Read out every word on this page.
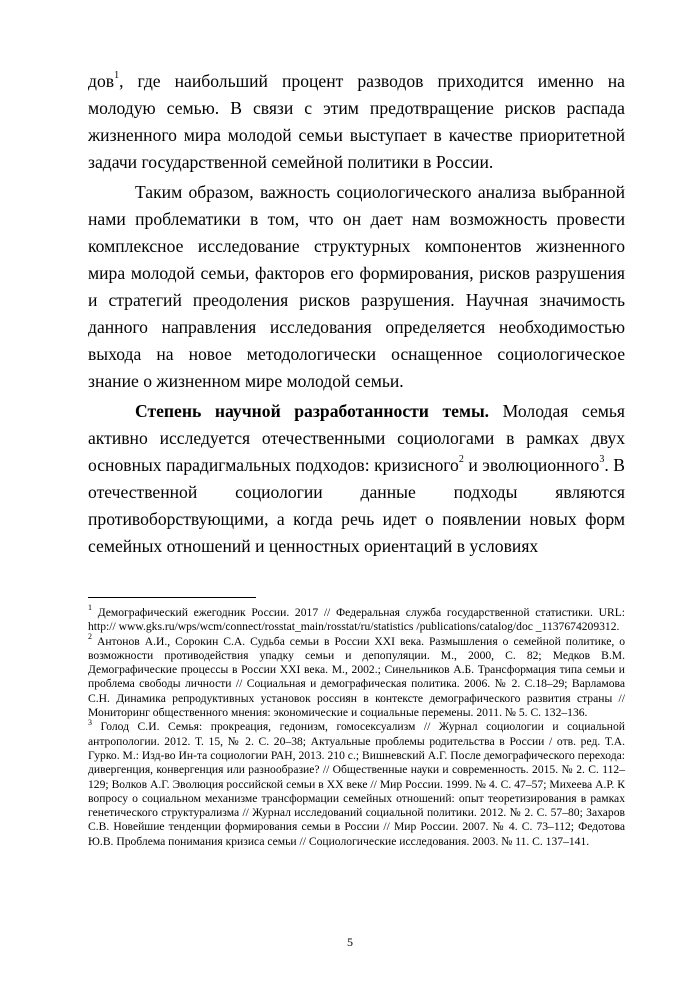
дов$^1$, где наибольший процент разводов приходится именно на молодую семью. В связи с этим предотвращение рисков распада жизненного мира молодой семьи выступает в качестве приоритетной задачи государственной семейной политики в России.

Таким образом, важность социологического анализа выбранной нами проблематики в том, что он дает нам возможность провести комплексное исследование структурных компонентов жизненного мира молодой семьи, факторов его формирования, рисков разрушения и стратегий преодоления рисков разрушения. Научная значимость данного направления исследования определяется необходимостью выхода на новое методологически оснащенное социологическое знание о жизненном мире молодой семьи.

Степень научной разработанности темы. Молодая семья активно исследуется отечественными социологами в рамках двух основных парадигмальных подходов: кризисного$^2$ и эволюционного$^3$. В отечественной социологии данные подходы являются противоборствующими, а когда речь идет о появлении новых форм семейных отношений и ценностных ориентаций в условиях

$^1$ Демографический ежегодник России. 2017 // Федеральная служба государственной статистики. URL: http:// www.gks.ru/wps/wcm/connect/rosstat_main/rosstat/ru/statistics /publications/catalog/doc _1137674209312.

$^2$ Антонов А.И., Сорокин С.А. Судьба семьи в России XXI века. Размышления о семейной политике, о возможности противодействия упадку семьи и депопуляции. М., 2000, С. 82; Медков В.М. Демографические процессы в России XXI века. М., 2002.; Синельников А.Б. Трансформация типа семьи и проблема свободы личности // Социальная и демографическая политика. 2006. № 2. С.18–29; Варламова С.Н. Динамика репродуктивных установок россиян в контексте демографического развития страны // Мониторинг общественного мнения: экономические и социальные перемены. 2011. № 5. С. 132–136.

$^3$ Голод С.И. Семья: прокреация, гедонизм, гомосексуализм // Журнал социологии и социальной антропологии. 2012. Т. 15, № 2. С. 20–38; Актуальные проблемы родительства в России / отв. ред. Т.А. Гурко. М.: Изд-во Ин-та социологии РАН, 2013. 210 с.; Вишневский А.Г. После демографического перехода: дивергенция, конвергенция или разнообразие? // Общественные науки и современность. 2015. № 2. С. 112–129; Волков А.Г. Эволюция российской семьи в XX веке // Мир России. 1999. № 4. С. 47–57; Михеева А.Р. К вопросу о социальном механизме трансформации семейных отношений: опыт теоретизирования в рамках генетического структурализма // Журнал исследований социальной политики. 2012. № 2. С. 57–80; Захаров С.В. Новейшие тенденции формирования семьи в России // Мир России. 2007. № 4. С. 73–112; Федотова Ю.В. Проблема понимания кризиса семьи // Социологические исследования. 2003. № 11. С. 137–141.

5
